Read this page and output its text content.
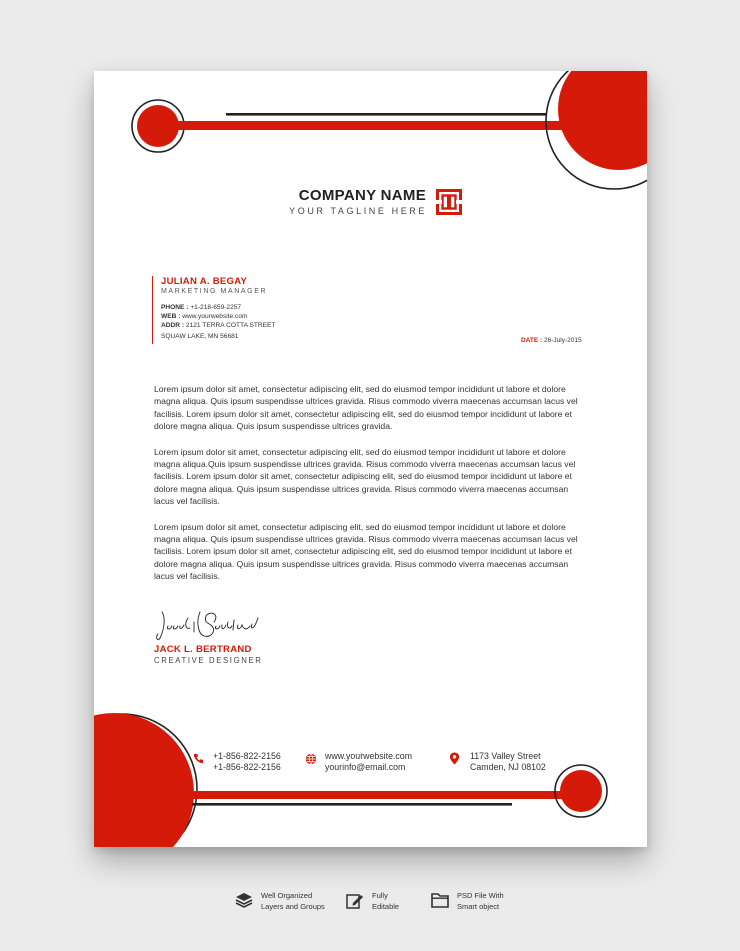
COMPANY NAME
YOUR TAGLINE HERE
JULIAN A. BEGAY
MARKETING MANAGER
PHONE : +1-218-659-2257
WEB : www.yourwebsite.com
ADDR : 2121 TERRA COTTA STREET
SQUAW LAKE, MN 56681
DATE : 26-July-2015

Lorem ipsum dolor sit amet, consectetur adipiscing elit, sed do eiusmod tempor incididunt ut labore et dolore magna aliqua. Quis ipsum suspendisse ultrices gravida. Risus commodo viverra maecenas accumsan lacus vel facilisis. Lorem ipsum dolor sit amet, consectetur adipiscing elit, sed do eiusmod tempor incididunt ut labore et dolore magna aliqua. Quis ipsum suspendisse ultrices gravida.

Lorem ipsum dolor sit amet, consectetur adipiscing elit, sed do eiusmod tempor incididunt ut labore et dolore magna aliqua.Quis ipsum suspendisse ultrices gravida. Risus commodo viverra maecenas accumsan lacus vel facilisis. Lorem ipsum dolor sit amet, consectetur adipiscing elit, sed do eiusmod tempor incididunt ut labore et dolore magna aliqua. Quis ipsum suspendisse ultrices gravida. Risus commodo viverra maecenas accumsan lacus vel facilisis.

Lorem ipsum dolor sit amet, consectetur adipiscing elit, sed do eiusmod tempor incididunt ut labore et dolore magna aliqua. Quis ipsum suspendisse ultrices gravida. Risus commodo viverra maecenas accumsan lacus vel facilisis. Lorem ipsum dolor sit amet, consectetur adipiscing elit, sed do eiusmod tempor incididunt ut labore et dolore magna aliqua. Quis ipsum suspendisse ultrices gravida. Risus commodo viverra maecenas accumsan lacus vel facilisis.

JACK L. BERTRAND
CREATIVE DESIGNER
+1-856-822-2156
+1-856-822-2156
www.yourwebsite.com
yourinfo@email.com
1173 Valley Street
Camden, NJ 08102
Well Organized
Layers and Groups
Fully
Editable
PSD File With
Smart object
